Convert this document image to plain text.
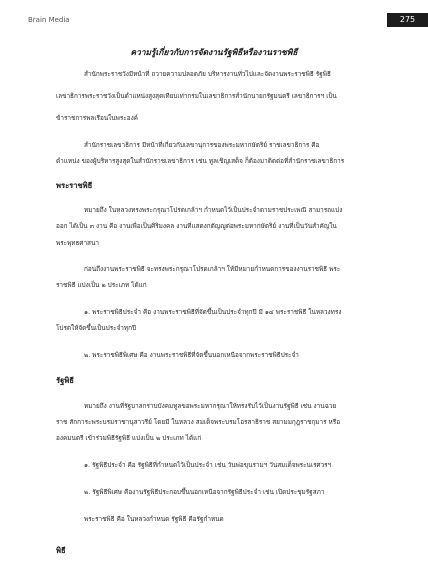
Brain Media	275
ความรู้เกี่ยวกับการจัดงานรัฐพิธีหรืองานราชพิธี

สำนักพระราชวังมีหน้าที่ ถวายความปลอดภัย บริหารงานทั่วไปและจัดงานพระราชพิธี รัฐพิธี

เลขาธิการพระราชวังเป็นตำแหน่งสูงสุดเทียบเท่ากรมในเลขาธิการสำนักนายกรัฐมนตรี เลขาธิการฯ เป็น

ข้าราชการพลเรือนในพระองค์

สำนักราชเลขาธิการ มีหน้าที่เกี่ยวกับเลขานุการของพระมหากษัตริย์ ราชเลขาธิการ คือ

ตำแหน่ง ของผู้บริหารสูงสุดในสำนักราชเลขาธิการ เช่น ทูลเชิญเสด็จ ก็ต้องมาติดต่อที่สำนักราชเลขาธิการ

พระราชพิธี

หมายถึง ในหลวงทรงพระกรุณาโปรดเกล้าฯ กำหนดไว้เป็นประจำตามราชประเพณี สามารถแบ่ง

ออก ได้เป็น ๓ งาน คือ งานเพื่อเป็นศิริมงคล งานที่แสดงกตัญญูต่อพระมหากษัตริย์ งานที่เป็นวันสำคัญใน

พระพุทธศาสนา

ก่อนถึงงานพระราชพิธี จะทรงพระกรุณาโปรดเกล้าฯ ให้มีหมายกำหนดการของงานราชพิธี พระ

ราชพิธี แบ่งเป็น ๒ ประเภท ได้แก่

๑. พระราชพิธีประจำ คือ งานพระราชพิธีที่จัดขึ้นเป็นประจำทุกปี มี ๑๔ พระราชพิธี ในหลวงทรง

โปรดให้จัดขึ้นเป็นประจำทุกปี

๒. พระราชพิธีพิเศษ คือ งานพระราชพิธีที่จัดขึ้นนอกเหนือจากพระราชพิธีประจำ

รัฐพิธี

หมายถึง งานที่รัฐบาลกราบบังคมทูลขอพระมหากรุณาให้ทรงรับไว้เป็นงานรัฐพิธี เช่น งานฉวย

ราช สักการะพระบรมราชานุสาวรีย์ โดยมี ในหลวง สมเด็จพระบรมโอรสาธิราช สยามมกุฎราชกุมาร หรือ

องคมนตรี เข้าร่วมพิธีรัฐพิธี แบ่งเป็น ๒ ประเภท ได้แก่

๑. รัฐพิธีประจำ คือ รัฐพิธีที่กำหนดไว้เป็นประจำ เช่น วันพ่อขุนรามฯ วันสมเด็จพระนเรศวรฯ

๒. รัฐพิธีพิเศษ คืองานรัฐพิธีประกอบขึ้นนอกเหนือจากรัฐพิธีประจำ เช่น เปิดประชุมรัฐสภา

พระราชพิธี คือ ในหลวงกำหนด รัฐพิธี คือรัฐกำหนด

พิธี
